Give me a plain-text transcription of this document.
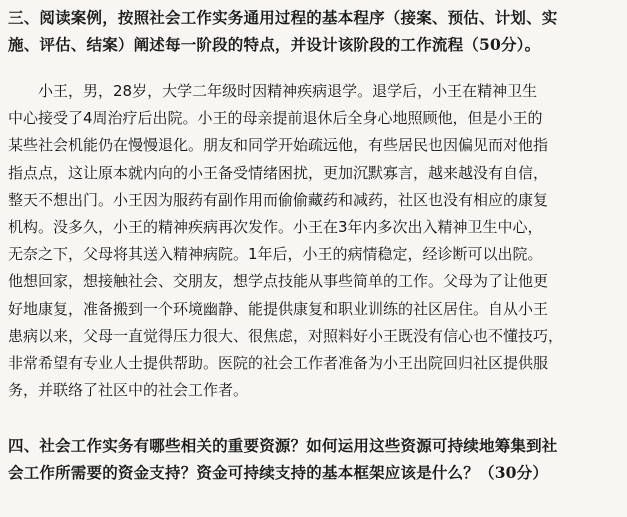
三、阅读案例，按照社会工作实务通用过程的基本程序（接案、预估、计划、实

施、评估、结案）阐述每一阶段的特点，并设计该阶段的工作流程（50分）。

　　小王，男，28岁，大学二年级时因精神疾病退学。退学后，小王在精神卫生
中心接受了4周治疗后出院。小王的母亲提前退休后全身心地照顾他，但是小王的
某些社会机能仍在慢慢退化。朋友和同学开始疏远他，有些居民也因偏见而对他指
指点点，这让原本就内向的小王备受情绪困扰，更加沉默寡言，越来越没有自信，
整天不想出门。小王因为服药有副作用而偷偷藏药和减药，社区也没有相应的康复
机构。没多久，小王的精神疾病再次发作。小王在3年内多次出入精神卫生中心，
无奈之下，父母将其送入精神病院。1年后，小王的病情稳定，经诊断可以出院。
他想回家，想接触社会、交朋友，想学点技能从事些简单的工作。父母为了让他更
好地康复，准备搬到一个环境幽静、能提供康复和职业训练的社区居住。自从小王
患病以来，父母一直觉得压力很大、很焦虑，对照料好小王既没有信心也不懂技巧，
非常希望有专业人士提供帮助。医院的社会工作者准备为小王出院回归社区提供服
务，并联络了社区中的社会工作者。

四、社会工作实务有哪些相关的重要资源？如何运用这些资源可持续地筹集到社

会工作所需要的资金支持？资金可持续支持的基本框架应该是什么？（30分）
